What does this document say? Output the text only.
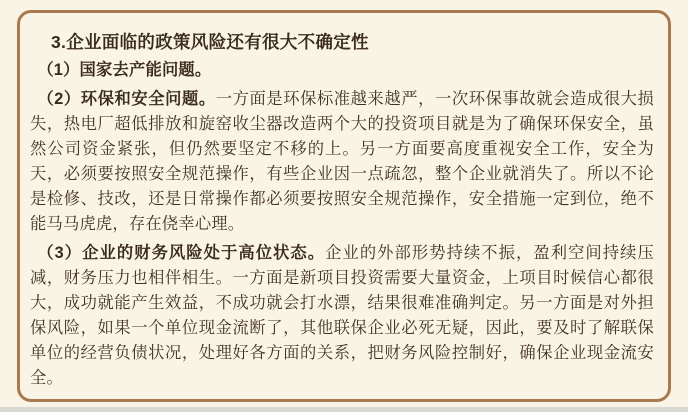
3.企业面临的政策风险还有很大不确定性

（1）国家去产能问题。

（2）环保和安全问题。一方面是环保标准越来越严，一次环保事故就会造成很大损失，热电厂超低排放和旋窑收尘器改造两个大的投资项目就是为了确保环保安全，虽然公司资金紧张，但仍然要坚定不移的上。另一方面要高度重视安全工作，安全为天，必须要按照安全规范操作，有些企业因一点疏忽，整个企业就消失了。所以不论是检修、技改，还是日常操作都必须要按照安全规范操作，安全措施一定到位，绝不能马马虎虎，存在侥幸心理。

（3）企业的财务风险处于高位状态。企业的外部形势持续不振，盈利空间持续压减，财务压力也相伴相生。一方面是新项目投资需要大量资金，上项目时候信心都很大，成功就能产生效益，不成功就会打水漂，结果很难准确判定。另一方面是对外担保风险，如果一个单位现金流断了，其他联保企业必死无疑，因此，要及时了解联保单位的经营负债状况，处理好各方面的关系，把财务风险控制好，确保企业现金流安全。
